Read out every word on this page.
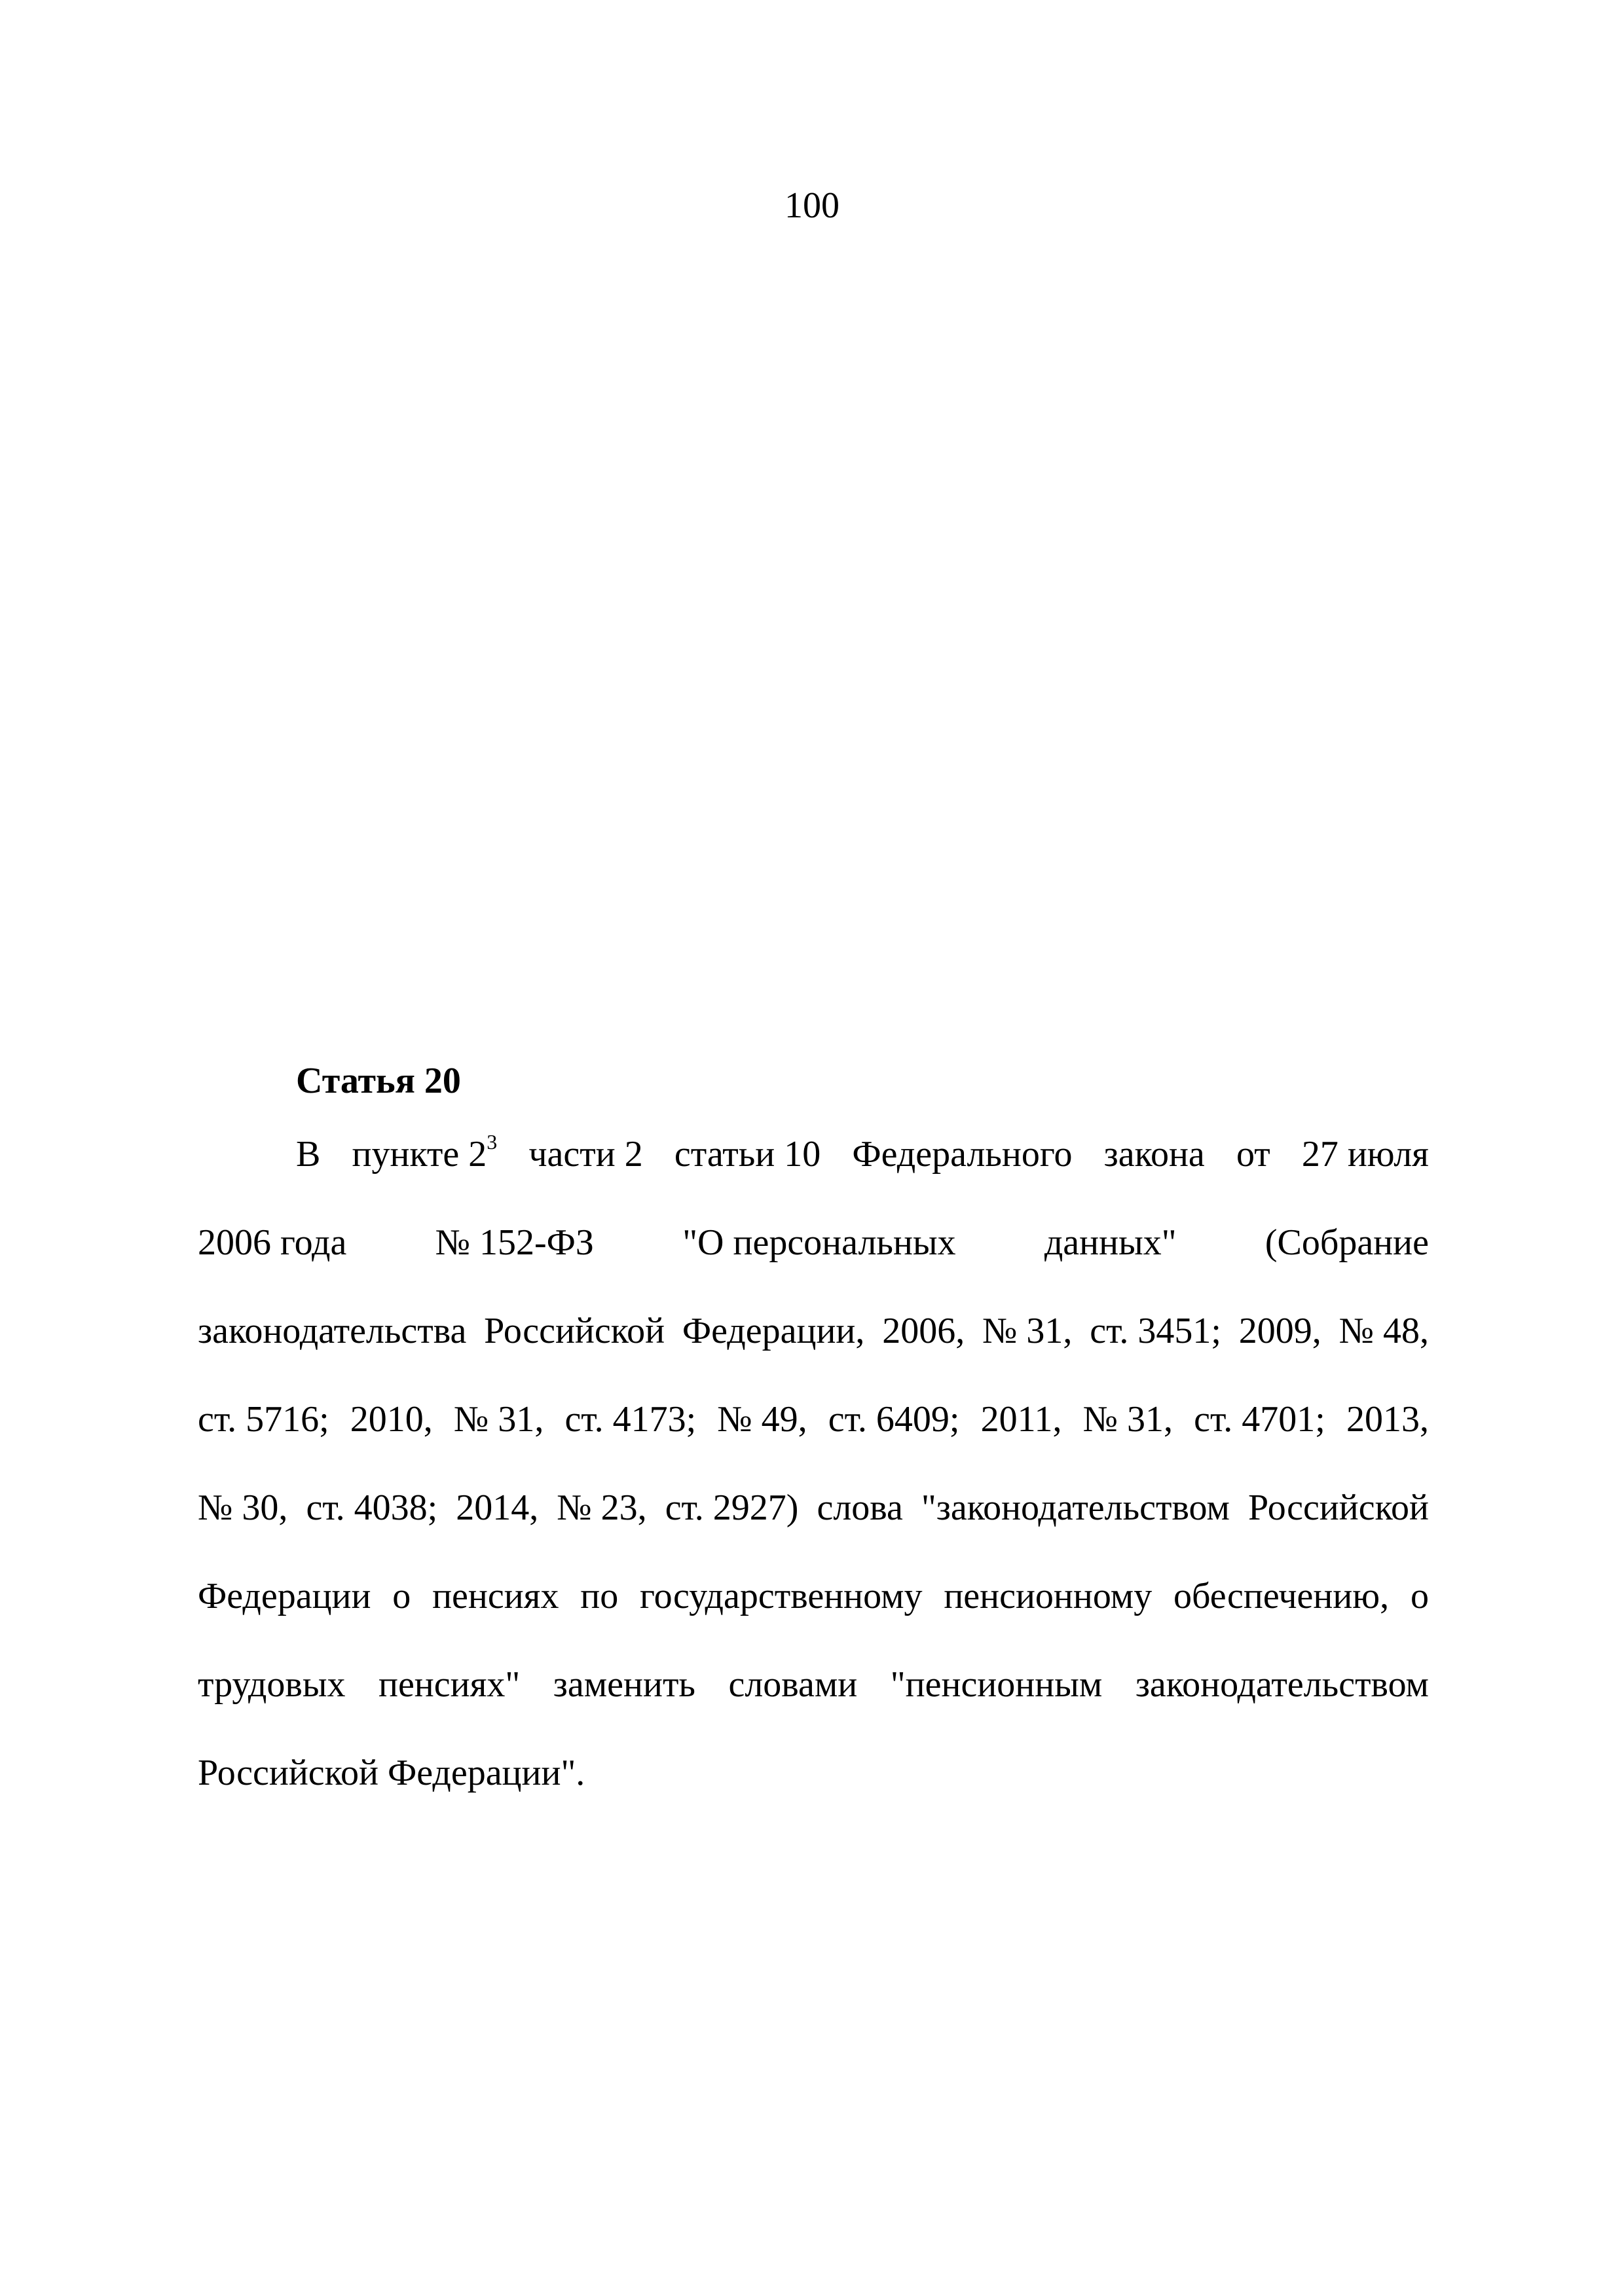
100
Статья 20
В пункте $2^3$ части 2 статьи 10 Федерального закона от 27 июля
2006 года № 152-ФЗ "О персональных данных" (Собрание
законодательства Российской Федерации, 2006, № 31, ст. 3451; 2009, № 48,
ст. 5716; 2010, № 31, ст. 4173; № 49, ст. 6409; 2011, № 31, ст. 4701; 2013,
№ 30, ст. 4038; 2014, № 23, ст. 2927) слова "законодательством Российской
Федерации о пенсиях по государственному пенсионному обеспечению, о
трудовых пенсиях" заменить словами "пенсионным законодательством
Российской Федерации".
